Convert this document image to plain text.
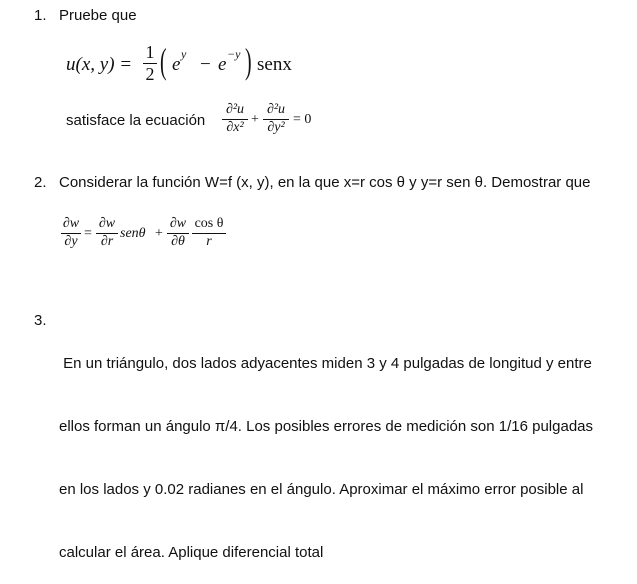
1. Pruebe que
u(x, y) =
1
2 ( e y − e −y ) senx
satisface la ecuación
∂²u
∂x²
+
∂²u
∂y²
= 0
2. Considerar la función W=f (x, y), en la que x=r cos θ y y=r sen θ. Demostrar que
∂w
∂y
=
∂w
∂r
senθ +
∂w
∂θ
cos θ
r
3.

En un triángulo, dos lados adyacentes miden 3 y 4 pulgadas de longitud y entre

ellos forman un ángulo π/4. Los posibles errores de medición son 1/16 pulgadas

en los lados y 0.02 radianes en el ángulo. Aproximar el máximo error posible al

calcular el área. Aplique diferencial total
